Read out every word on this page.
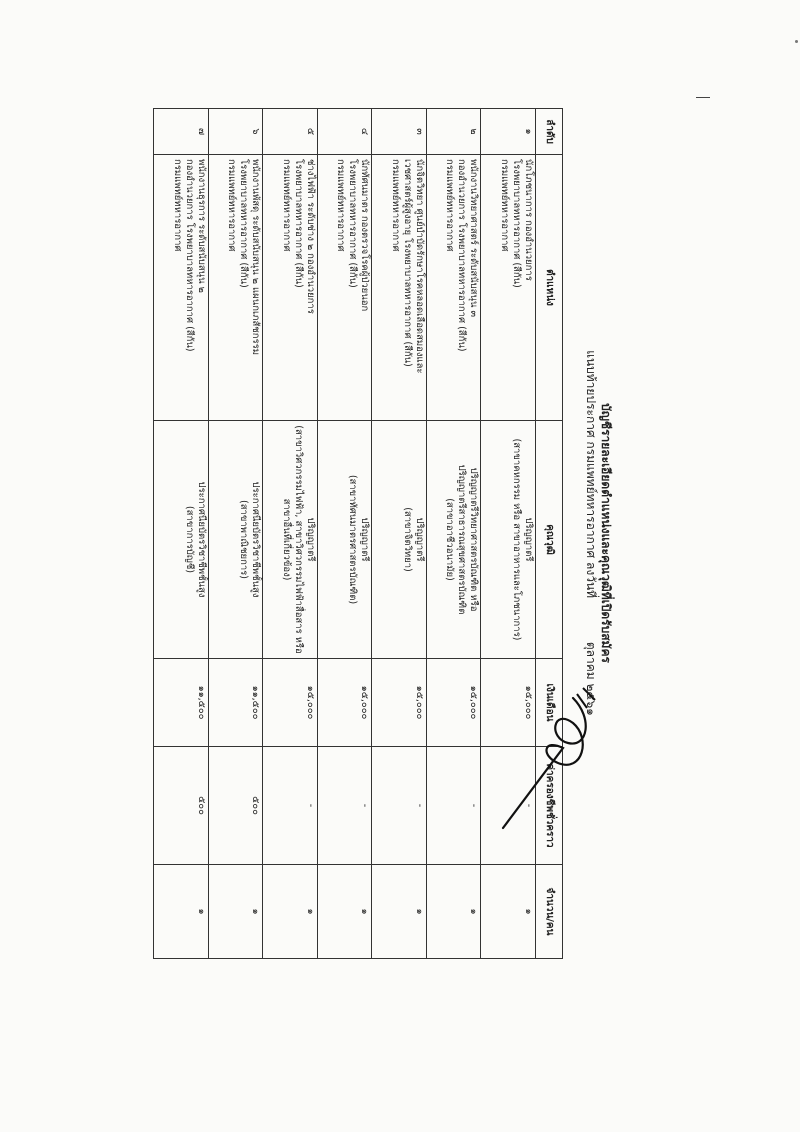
บัญชีรายละเอียดตำแหน่งและคุณวุฒิที่เปิดรับสมัคร
แนบท้ายประกาศ กรมแพทย์ทหารอากาศ ลงวันที่ ตุลาคม ๒๕๖๑
ลำดับ	ตำแหน่ง	คุณวุฒิ	เงินเดือน	ค่าครองชีพชั่วคราว	จำนวน/คน
๑	นักโภชนาการ กองอำนวยการ
โรงพยาบาลทหารอากาศ (สีกัน)
กรมแพทย์ทหารอากาศ	ปริญญาตรี
(สาขาคหกรรม หรือ สาขาอาหารและโภชนาการ)	๑๕,๐๐๐	-	๑
๒	พนักงานวิทยาศาสตร์ ระดับสนับสนุน ๓
กองอำนวยการ โรงพยาบาลทหารอากาศ (สีกัน)
กรมแพทย์ทหารอากาศ	ปริญญาตรีวิทยาศาสตรบัณฑิต หรือ
ปริญญาตรีสาธารณสุขศาสตรบัณฑิต
(สาขาอาชีวอนามัย)	๑๕,๐๐๐	-	๑
๓	นักจิตวิทยา ศูนย์บำบัดรักษาโรคหลอดเลือดสมองและ
เวชศาสตร์ผู้สูงอายุ โรงพยาบาลทหารอากาศ (สีกัน)
กรมแพทย์ทหารอากาศ	ปริญญาตรี
(สาขาจิตวิทยา)	๑๕,๐๐๐	-	๑
๔	นักทัศนมาตร กองตรวจโรคผู้ป่วยนอก
โรงพยาบาลทหารอากาศ (สีกัน)
กรมแพทย์ทหารอากาศ	ปริญญาตรี
(สาขาทัศนมาตรศาสตรบัณฑิต)	๑๕,๐๐๐	-	๑
๕	ช่างไฟฟ้า ระดับช่าง ๒ กองอำนวยการ
โรงพยาบาลทหารอากาศ (สีกัน)
กรมแพทย์ทหารอากาศ	ปริญญาตรี
(สาขาวิศวกรรมไฟฟ้า, สาขาวิศวกรรมไฟฟ้าสื่อสาร หรือสาขาอื่นที่เกี่ยวข้อง)	๑๕,๐๐๐	-	๑
๖	พนักงานพัสดุ ระดับสนับสนุน ๒ แผนกเภสัชกรรม
โรงพยาบาลทหารอากาศ (สีกัน)
กรมแพทย์ทหารอากาศ	ประกาศนียบัตรวิชาชีพชั้นสูง
(สาขาพาณิชยการ)	๑๑,๕๐๐	๕๐๐	๑
๗	พนักงานธุรการ ระดับสนับสนุน ๒
กองอำนวยการ โรงพยาบาลทหารอากาศ (สีกัน)
กรมแพทย์ทหารอากาศ	ประกาศนียบัตรวิชาชีพชั้นสูง
(สาขาการบัญชี)	๑๑,๕๐๐	๕๐๐	๑
